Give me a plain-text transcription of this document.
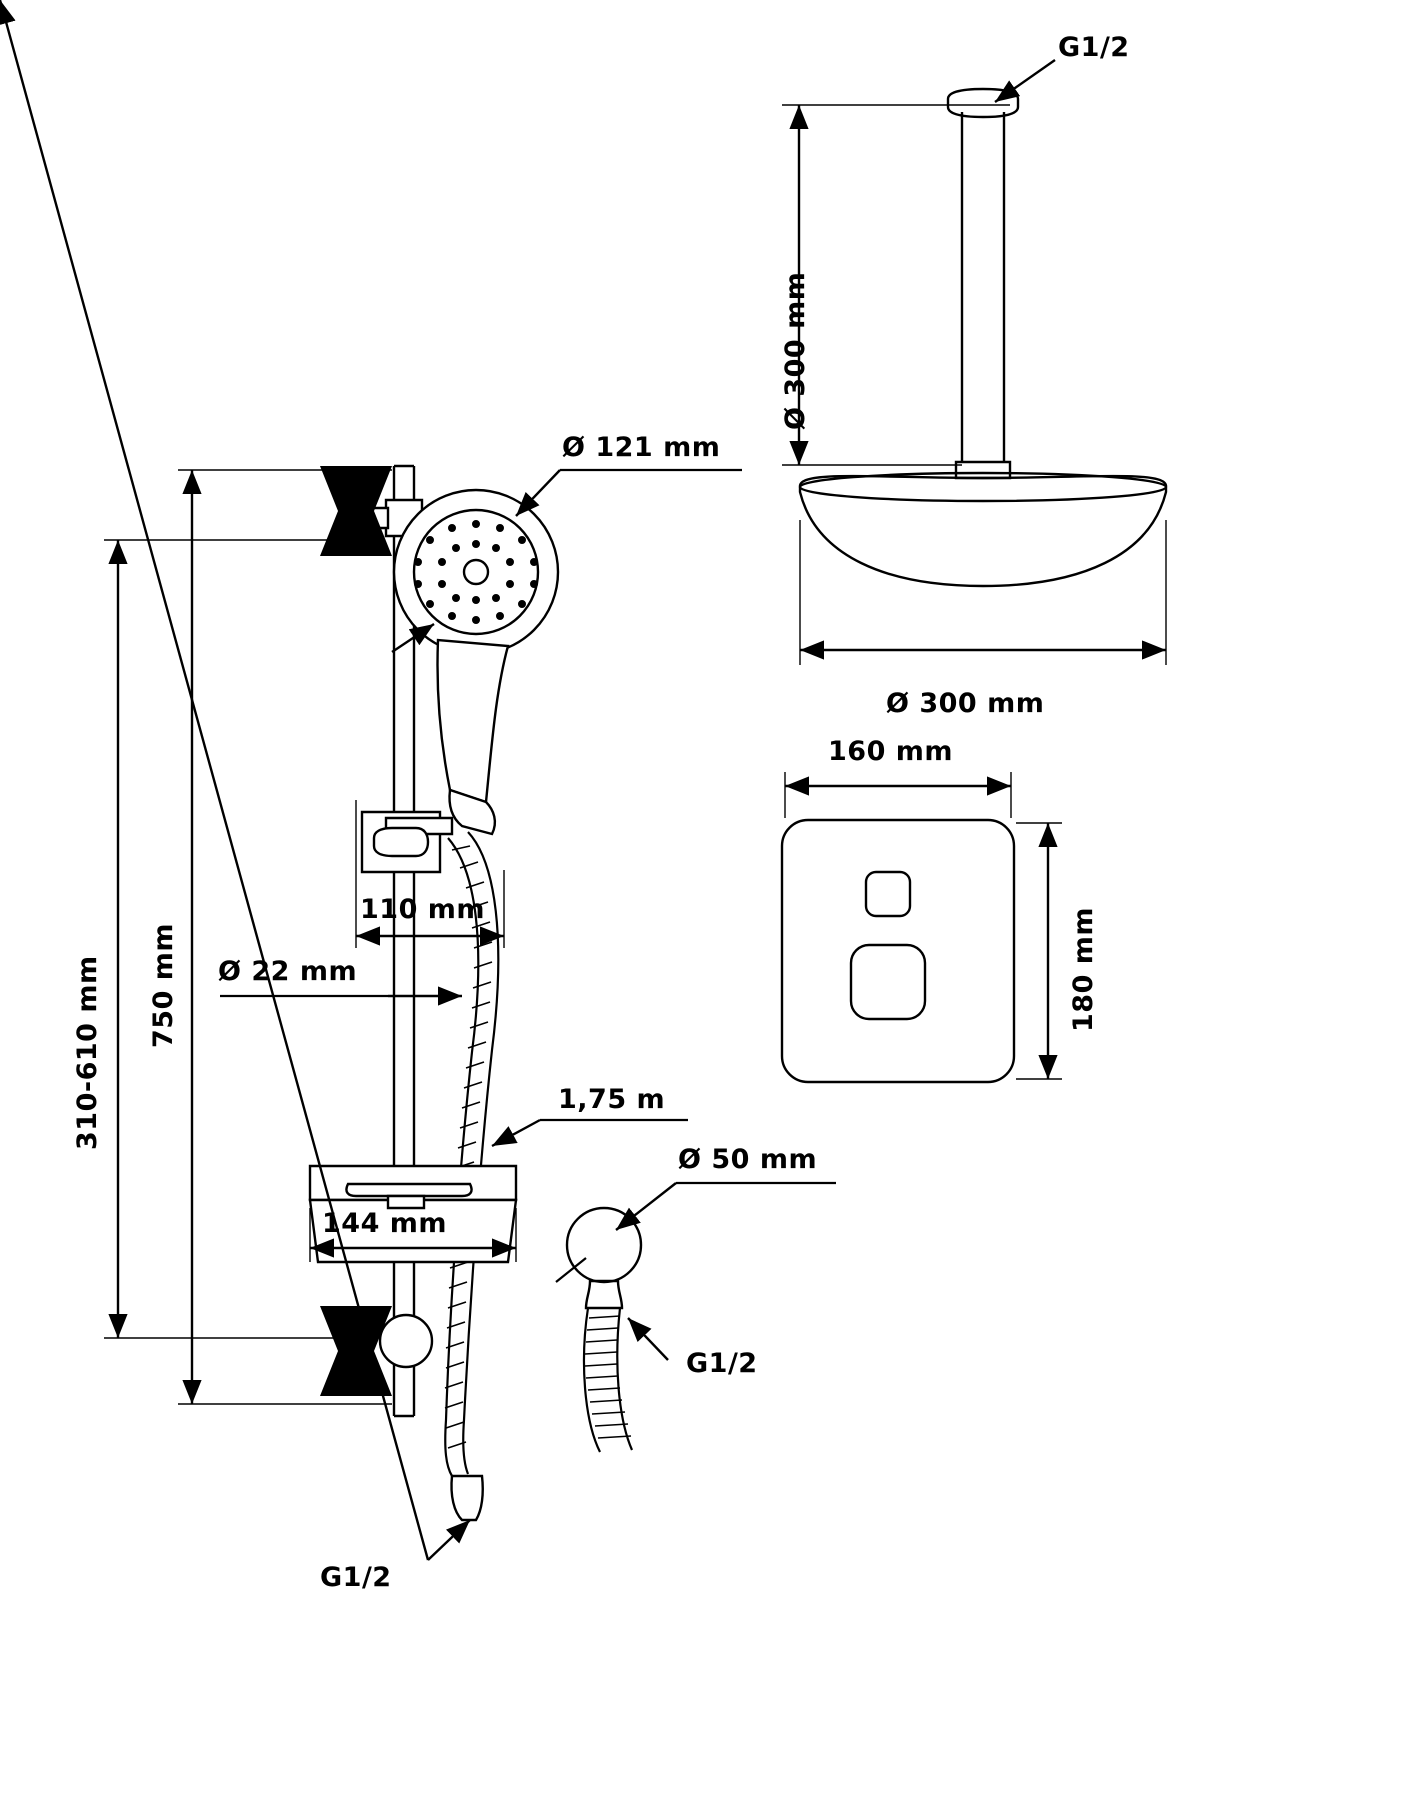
G1/2
Ø 300 mm
Ø 300 mm
Ø 121 mm
310-610 mm 750 mm
110 mm
Ø 22 mm
1,75 m
144 mm
G1/2
160 mm
180 mm
Ø 50 mm
G1/2
